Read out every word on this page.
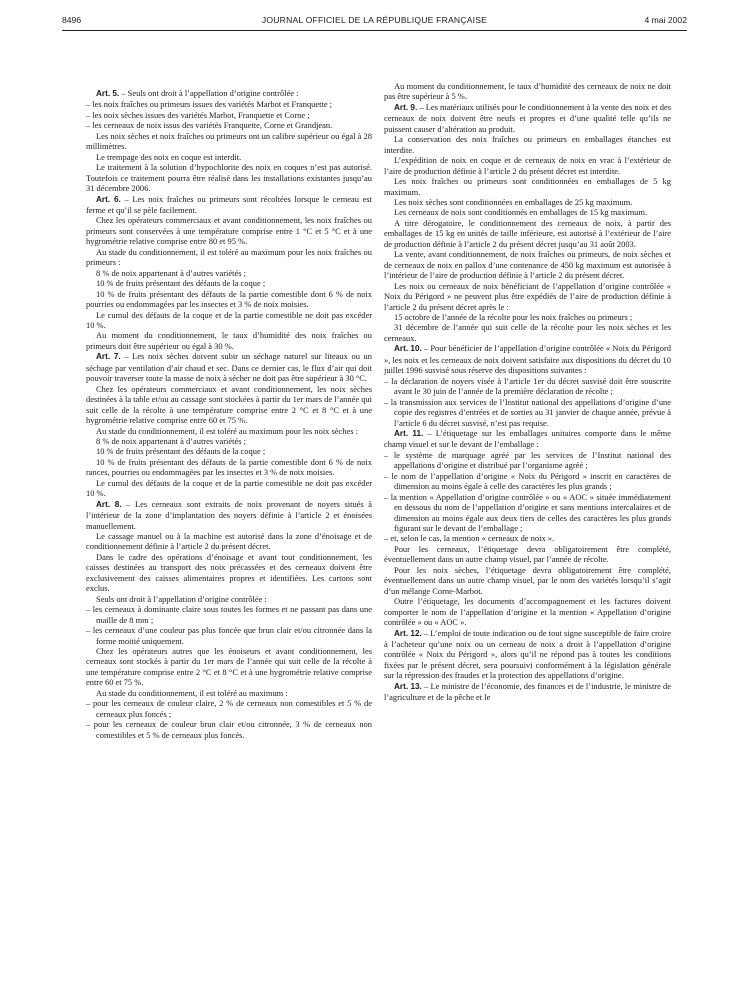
8496	JOURNAL OFFICIEL DE LA RÉPUBLIQUE FRANÇAISE	4 mai 2002

Art. 5. – Seuls ont droit à l’appellation d’origine contrôlée :

– les noix fraîches ou primeurs issues des variétés Marbot et Franquette ;

– les noix sèches issues des variétés Marbot, Franquette et Corne ;

– les cerneaux de noix issus des variétés Franquette, Corne et Grandjean.

Les noix sèches et noix fraîches ou primeurs ont un calibre supérieur ou égal à 28 millimètres.

Le trempage des noix en coque est interdit.

Le traitement à la solution d’hypochlorite des noix en coques n’est pas autorisé. Toutefois ce traitement pourra être réalisé dans les installations existantes jusqu’au 31 décembre 2006.

Art. 6. – Les noix fraîches ou primeurs sont récoltées lorsque le cerneau est ferme et qu’il se pèle facilement.

Chez les opérateurs commerciaux et avant conditionnement, les noix fraîches ou primeurs sont conservées à une température comprise entre 1 °C et 5 °C et à une hygrométrie relative comprise entre 80 et 95 %.

Au stade du conditionnement, il est toléré au maximum pour les noix fraîches ou primeurs :

8 % de noix appartenant à d’autres variétés ;

10 % de fruits présentant des défauts de la coque ;

10 % de fruits présentant des défauts de la partie comestible dont 6 % de noix pourries ou endommagées par les insectes et 3 % de noix moisies.

Le cumul des défauts de la coque et de la partie comestible ne doit pas excéder 10 %.

Au moment du conditionnement, le taux d’humidité des noix fraîches ou primeurs doit être supérieur ou égal à 30 %.

Art. 7. – Les noix sèches doivent subir un séchage naturel sur liteaux ou un séchage par ventilation d’air chaud et sec. Dans ce dernier cas, le flux d’air qui doit pouvoir traverser toute la masse de noix à sécher ne doit pas être supérieur à 30 °C.

Chez les opérateurs commerciaux et avant conditionnement, les noix sèches destinées à la table et/ou au cassage sont stockées à partir du 1er mars de l’année qui suit celle de la récolte à une température comprise entre 2 °C et 8 °C et à une hygrométrie relative comprise entre 60 et 75 %.

Au stade du conditionnement, il est toléré au maximum pour les noix sèches :

8 % de noix appartenant à d’autres variétés ;

10 % de fruits présentant des défauts de la coque ;

10 % de fruits présentant des défauts de la partie comestible dont 6 % de noix rances, pourries ou endommagées par les insectes et 3 % de noix moisies.

Le cumul des défauts de la coque et de la partie comestible ne doit pas excéder 10 %.

Art. 8. – Les cerneaux sont extraits de noix provenant de noyers situés à l’intérieur de la zone d’implantation des noyers définie à l’article 2 et énoisées manuellement.

Le cassage manuel ou à la machine est autorisé dans la zone d’énoisage et de conditionnement définie à l’article 2 du présent décret.

Dans le cadre des opérations d’énoisage et avant tout conditionnement, les caisses destinées au transport des noix précassées et des cerneaux doivent être exclusivement des caisses alimentaires propres et identifiées. Les cartons sont exclus.

Seuls ont droit à l’appellation d’origine contrôlée :

– les cerneaux à dominante claire sous toutes les formes et ne passant pas dans une maille de 8 mm ;

– les cerneaux d’une couleur pas plus foncée que brun clair et/ou citronnée dans la forme moitié uniquement.

Chez les opérateurs autres que les énoiseurs et avant conditionnement, les cerneaux sont stockés à partir du 1er mars de l’année qui suit celle de la récolte à une température comprise entre 2 °C et 8 °C et à une hygrométrie relative comprise entre 60 et 75 %.

Au stade du conditionnement, il est toléré au maximum :

– pour les cerneaux de couleur claire, 2 % de cerneaux non comestibles et 5 % de cerneaux plus foncés ;

– pour les cerneaux de couleur brun clair et/ou citronnée, 3 % de cerneaux non comestibles et 5 % de cerneaux plus foncés.

Au moment du conditionnement, le taux d’humidité des cerneaux de noix ne doit pas être supérieur à 5 %.

Art. 9. – Les matériaux utilisés pour le conditionnement à la vente des noix et des cerneaux de noix doivent être neufs et propres et d’une qualité telle qu’ils ne puissent causer d’altération au produit.

La conservation des noix fraîches ou primeurs en emballages étanches est interdite.

L’expédition de noix en coque et de cerneaux de noix en vrac à l’extérieur de l’aire de production définie à l’article 2 du présent décret est interdite.

Les noix fraîches ou primeurs sont conditionnées en emballages de 5 kg maximum.

Les noix sèches sont conditionnées en emballages de 25 kg maximum.

Les cerneaux de noix sont conditionnés en emballages de 15 kg maximum.

A titre dérogatoire, le conditionnement des cerneaux de noix, à partir des emballages de 15 kg en unités de taille inférieure, est autorisé à l’extérieur de l’aire de production définie à l’article 2 du présent décret jusqu’au 31 août 2003.

La vente, avant conditionnement, de noix fraîches ou primeurs, de noix sèches et de cerneaux de noix en pallox d’une contenance de 450 kg maximum est autorisée à l’intérieur de l’aire de production définie à l’article 2 du présent décret.

Les noix ou cerneaux de noix bénéficiant de l’appellation d’origine contrôlée « Noix du Périgord » ne peuvent plus être expédiés de l’aire de production définie à l’article 2 du présent décret après le :

15 octobre de l’année de la récolte pour les noix fraîches ou primeurs ;

31 décembre de l’année qui suit celle de la récolte pour les noix sèches et les cerneaux.

Art. 10. – Pour bénéficier de l’appellation d’origine contrôlée « Noix du Périgord », les noix et les cerneaux de noix doivent satisfaire aux dispositions du décret du 10 juillet 1996 susvisé sous réserve des dispositions suivantes :

– la déclaration de noyers visée à l’article 1er du décret susvisé doit être souscrite avant le 30 juin de l’année de la première déclaration de récolte ;

– la transmission aux services de l’Institut national des appellations d’origine d’une copie des registres d’entrées et de sorties au 31 janvier de chaque année, prévue à l’article 6 du décret susvisé, n’est pas requise.

Art. 11. – L’étiquetage sur les emballages unitaires comporte dans le même champ visuel et sur le devant de l’emballage :

– le système de marquage agréé par les services de l’Institut national des appellations d’origine et distribué par l’organisme agréé ;

– le nom de l’appellation d’origine « Noix du Périgord » inscrit en caractères de dimension au moins égale à celle des caractères les plus grands ;

– la mention « Appellation d’origine contrôlée » ou « AOC » située immédiatement en dessous du nom de l’appellation d’origine et sans mentions intercalaires et de dimension au moins égale aux deux tiers de celles des caractères les plus grands figurant sur le devant de l’emballage ;

– et, selon le cas, la mention « cerneaux de noix ».

Pour les cerneaux, l’étiquetage devra obligatoirement être complété, éventuellement dans un autre champ visuel, par l’année de récolte.

Pour les noix sèches, l’étiquetage devra obligatoirement être complété, éventuellement dans un autre champ visuel, par le nom des variétés lorsqu’il s’agit d’un mélange Corne-Marbot.

Outre l’étiquetage, les documents d’accompagnement et les factures doivent comporter le nom de l’appellation d’origine et la mention « Appellation d’origine contrôlée » ou « AOC ».

Art. 12. – L’emploi de toute indication ou de tout signe susceptible de faire croire à l’acheteur qu’une noix ou un cerneau de noix a droit à l’appellation d’origine contrôlée « Noix du Périgord », alors qu’il ne répond pas à toutes les conditions fixées par le présent décret, sera poursuivi conformément à la législation générale sur la répression des fraudes et la protection des appellations d’origine.

Art. 13. – Le ministre de l’économie, des finances et de l’industrie, le ministre de l’agriculture et de la pêche et le
